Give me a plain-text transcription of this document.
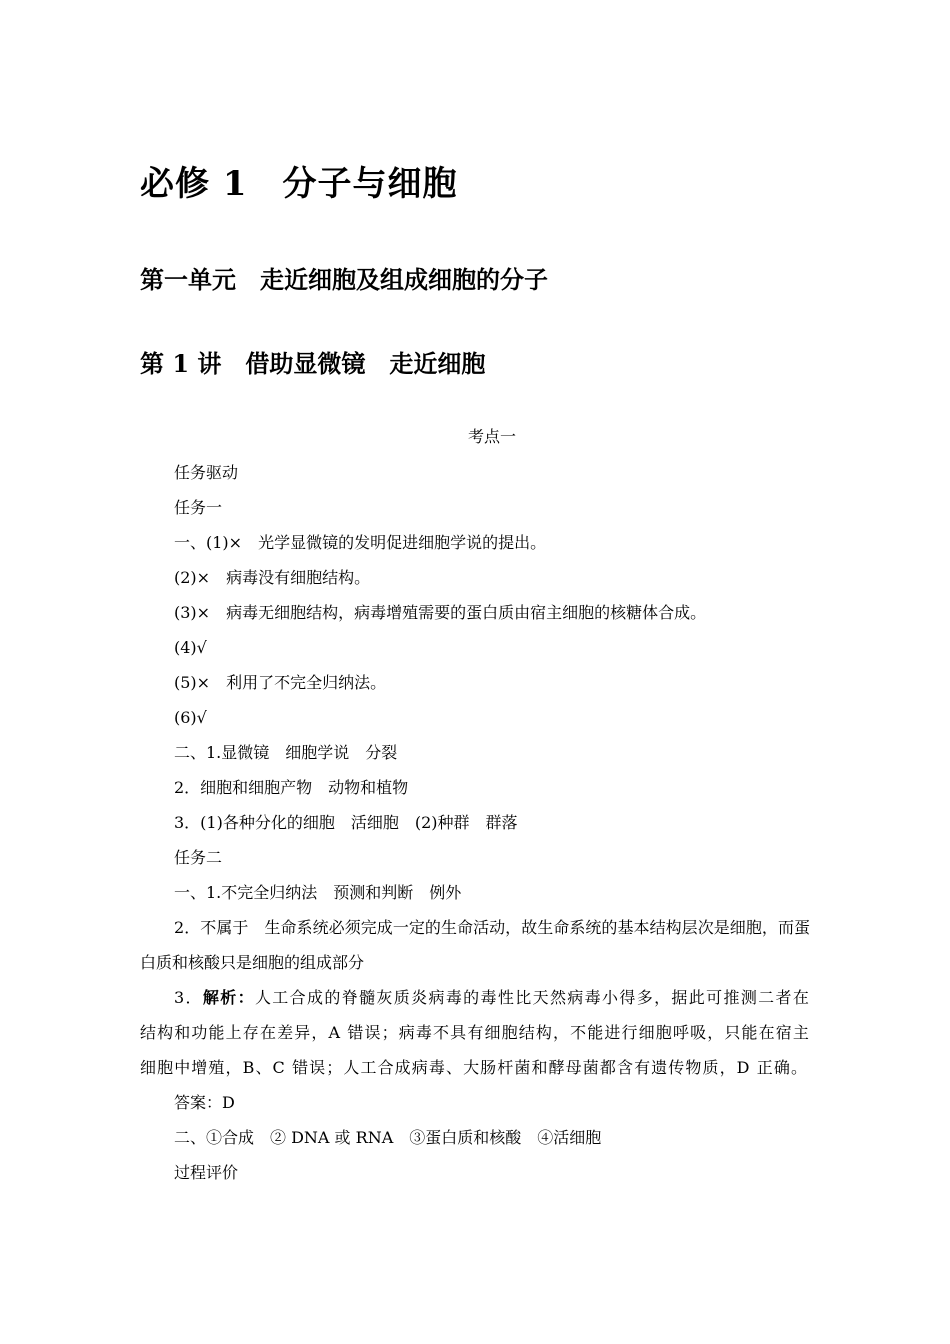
必修 1　分子与细胞
第一单元　走近细胞及组成细胞的分子
第 1 讲　借助显微镜　走近细胞
考点一
任务驱动
任务一
一、(1)×　光学显微镜的发明促进细胞学说的提出。
(2)×　病毒没有细胞结构。
(3)×　病毒无细胞结构，病毒增殖需要的蛋白质由宿主细胞的核糖体合成。
(4)√
(5)×　利用了不完全归纳法。
(6)√
二、1.显微镜　细胞学说　分裂
2．细胞和细胞产物　动物和植物
3．(1)各种分化的细胞　活细胞　(2)种群　群落
任务二
一、1.不完全归纳法　预测和判断　例外
2．不属于　生命系统必须完成一定的生命活动，故生命系统的基本结构层次是细胞，而蛋白质和核酸只是细胞的组成部分
3．解析：人工合成的脊髓灰质炎病毒的毒性比天然病毒小得多，据此可推测二者在结构和功能上存在差异，A 错误；病毒不具有细胞结构，不能进行细胞呼吸，只能在宿主细胞中增殖，B、C 错误；人工合成病毒、大肠杆菌和酵母菌都含有遗传物质，D 正确。
答案：D
二、①合成　② DNA 或 RNA　③蛋白质和核酸　④活细胞
过程评价
